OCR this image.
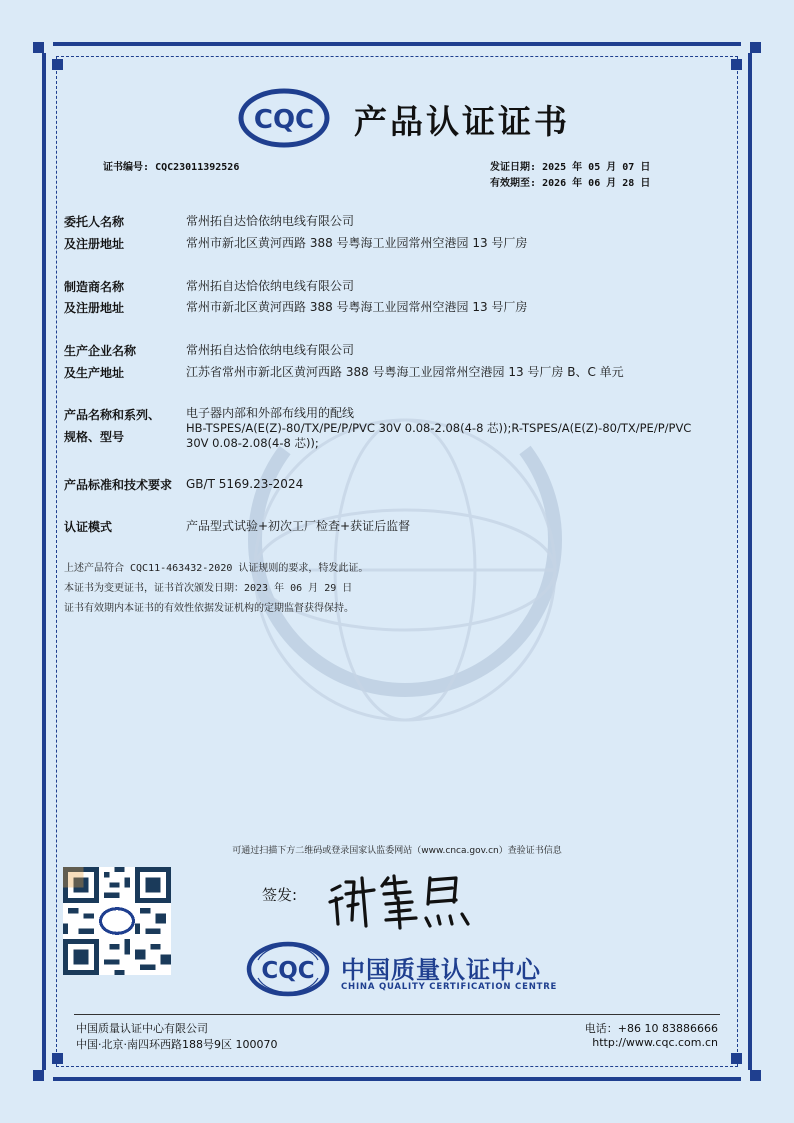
CQC 产品认证证书
证书编号: CQC23011392526	发证日期: 2025 年 05 月 07 日
有效期至: 2026 年 06 月 28 日
委托人名称	常州拓自达恰依纳电线有限公司
及注册地址	常州市新北区黄河西路 388 号粤海工业园常州空港园 13 号厂房
制造商名称	常州拓自达恰依纳电线有限公司
及注册地址	常州市新北区黄河西路 388 号粤海工业园常州空港园 13 号厂房
生产企业名称	常州拓自达恰依纳电线有限公司
及生产地址	江苏省常州市新北区黄河西路 388 号粤海工业园常州空港园 13 号厂房 B、C 单元
产品名称和系列、
规格、型号
电子器内部和外部布线用的配线
HB-TSPES/A(E(Z)-80/TX/PE/P/PVC 30V 0.08-2.08(4-8 芯));R-TSPES/A(E(Z)-80/TX/PE/P/PVC
30V 0.08-2.08(4-8 芯));
产品标准和技术要求 GB/T 5169.23-2024
认证模式	产品型式试验+初次工厂检查+获证后监督
上述产品符合 CQC11-463432-2020 认证规则的要求，特发此证。
本证书为变更证书，证书首次颁发日期：2023 年 06 月 29 日
证书有效期内本证书的有效性依据发证机构的定期监督获得保持。
可通过扫描下方二维码或登录国家认监委网站（www.cnca.gov.cn）查验证书信息
签发:
CQC 中国质量认证中心
CHINA QUALITY CERTIFICATION CENTRE
中国质量认证中心有限公司
中国·北京·南四环西路188号9区 100070
电话：+86 10 83886666
http://www.cqc.com.cn
